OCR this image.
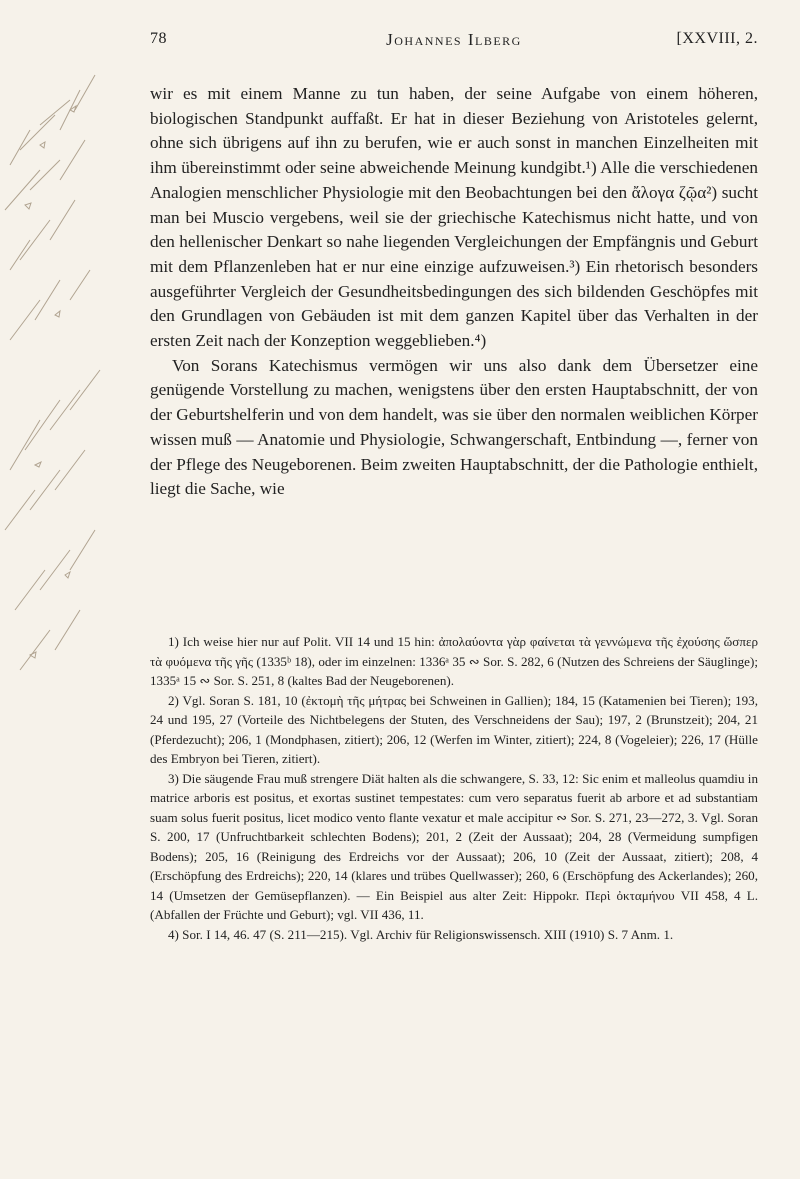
78	Johannes Ilberg	[XXVIII, 2.

wir es mit einem Manne zu tun haben, der seine Aufgabe von einem höheren, biologischen Standpunkt auffaßt. Er hat in dieser Beziehung von Aristoteles gelernt, ohne sich übrigens auf ihn zu berufen, wie er auch sonst in manchen Einzelheiten mit ihm übereinstimmt oder seine abweichende Meinung kundgibt.¹) Alle die verschiedenen Analogien menschlicher Physiologie mit den Beobachtungen bei den ἄλογα ζῷα²) sucht man bei Muscio vergebens, weil sie der griechische Katechismus nicht hatte, und von den hellenischer Denkart so nahe liegenden Vergleichungen der Empfängnis und Geburt mit dem Pflanzenleben hat er nur eine einzige aufzuweisen.³) Ein rhetorisch besonders ausgeführter Vergleich der Gesundheitsbedingungen des sich bildenden Geschöpfes mit den Grundlagen von Gebäuden ist mit dem ganzen Kapitel über das Verhalten in der ersten Zeit nach der Konzeption weggeblieben.⁴)

Von Sorans Katechismus vermögen wir uns also dank dem Übersetzer eine genügende Vorstellung zu machen, wenigstens über den ersten Hauptabschnitt, der von der Geburtshelferin und von dem handelt, was sie über den normalen weiblichen Körper wissen muß — Anatomie und Physiologie, Schwangerschaft, Entbindung —, ferner von der Pflege des Neugeborenen. Beim zweiten Hauptabschnitt, der die Pathologie enthielt, liegt die Sache, wie

1) Ich weise hier nur auf Polit. VII 14 und 15 hin: ἀπολαύοντα γὰρ φαίνεται τὰ γεννώμενα τῆς ἐχούσης ὥσπερ τὰ φυόμενα τῆς γῆς (1335ᵇ 18), oder im einzelnen: 1336ᵃ 35 ∾ Sor. S. 282, 6 (Nutzen des Schreiens der Säuglinge); 1335ᵃ 15 ∾ Sor. S. 251, 8 (kaltes Bad der Neugeborenen).

2) Vgl. Soran S. 181, 10 (ἐκτομὴ τῆς μήτρας bei Schweinen in Gallien); 184, 15 (Katamenien bei Tieren); 193, 24 und 195, 27 (Vorteile des Nichtbelegens der Stuten, des Verschneidens der Sau); 197, 2 (Brunstzeit); 204, 21 (Pferdezucht); 206, 1 (Mondphasen, zitiert); 206, 12 (Werfen im Winter, zitiert); 224, 8 (Vogeleier); 226, 17 (Hülle des Embryon bei Tieren, zitiert).

3) Die säugende Frau muß strengere Diät halten als die schwangere, S. 33, 12: Sic enim et malleolus quamdiu in matrice arboris est positus, et exortas sustinet tempestates: cum vero separatus fuerit ab arbore et ad substantiam suam solus fuerit positus, licet modico vento flante vexatur et male accipitur ∾ Sor. S. 271, 23—272, 3. Vgl. Soran S. 200, 17 (Unfruchtbarkeit schlechten Bodens); 201, 2 (Zeit der Aussaat); 204, 28 (Vermeidung sumpfigen Bodens); 205, 16 (Reinigung des Erdreichs vor der Aussaat); 206, 10 (Zeit der Aussaat, zitiert); 208, 4 (Erschöpfung des Erdreichs); 220, 14 (klares und trübes Quellwasser); 260, 6 (Erschöpfung des Ackerlandes); 260, 14 (Umsetzen der Gemüsepflanzen). — Ein Beispiel aus alter Zeit: Hippokr. Περὶ ὀκταμήνου VII 458, 4 L. (Abfallen der Früchte und Geburt); vgl. VII 436, 11.

4) Sor. I 14, 46. 47 (S. 211—215). Vgl. Archiv für Religionswissensch. XIII (1910) S. 7 Anm. 1.
